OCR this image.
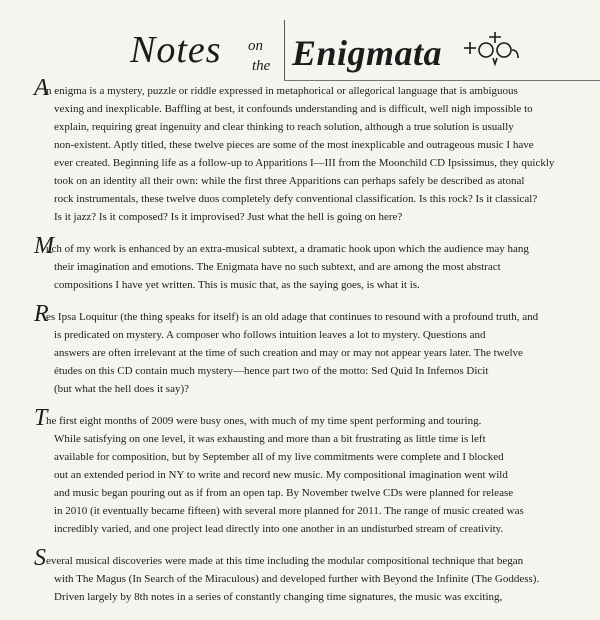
Notes on
the Enigmata
A
n enigma is a mystery, puzzle or riddle expressed in metaphorical or allegorical language that is ambiguous
vexing and inexplicable. Baffling at best, it confounds understanding and is difficult, well nigh impossible to
explain, requiring great ingenuity and clear thinking to reach solution, although a true solution is usually
non-existent. Aptly titled, these twelve pieces are some of the most inexplicable and outrageous music I have
ever created. Beginning life as a follow-up to Apparitions I—III from the Moonchild CD Ipsissimus, they quickly
took on an identity all their own: while the first three Apparitions can perhaps safely be described as atonal
rock instrumentals, these twelve duos completely defy conventional classification. Is this rock? Is it classical?
Is it jazz? Is it composed? Is it improvised? Just what the hell is going on here?
M
uch of my work is enhanced by an extra-musical subtext, a dramatic hook upon which the audience may hang
their imagination and emotions. The Enigmata have no such subtext, and are among the most abstract
compositions I have yet written. This is music that, as the saying goes, is what it is.
R
es Ipsa Loquitur (the thing speaks for itself) is an old adage that continues to resound with a profound truth, and
is predicated on mystery. A composer who follows intuition leaves a lot to mystery. Questions and
answers are often irrelevant at the time of such creation and may or may not appear years later. The twelve
études on this CD contain much mystery—hence part two of the motto: Sed Quid In Infernos Dicit
(but what the hell does it say)?
T
he first eight months of 2009 were busy ones, with much of my time spent performing and touring.
While satisfying on one level, it was exhausting and more than a bit frustrating as little time is left
available for composition, but by September all of my live commitments were complete and I blocked
out an extended period in NY to write and record new music. My compositional imagination went wild
and music began pouring out as if from an open tap. By November twelve CDs were planned for release
in 2010 (it eventually became fifteen) with several more planned for 2011. The range of music created was
incredibly varied, and one project lead directly into one another in an undisturbed stream of creativity.
S everal musical discoveries were made at this time including the modular compositional technique that began
with The Magus (In Search of the Miraculous) and developed further with Beyond the Infinite (The Goddess).
Driven largely by 8th notes in a series of constantly changing time signatures, the music was exciting,
